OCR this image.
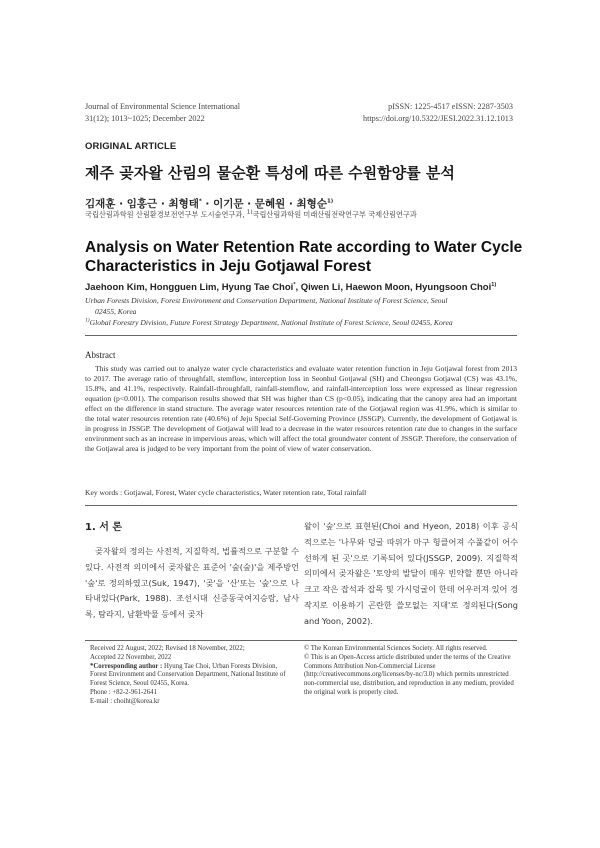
Journal of Environmental Science International
31(12); 1013~1025; December 2022
pISSN: 1225-4517 eISSN: 2287-3503
https://doi.org/10.5322/JESI.2022.31.12.1013
ORIGINAL ARTICLE
제주 곶자왈 산림의 물순환 특성에 따른 수원함양률 분석
김재훈 · 임홍근 · 최형태* · 이기문 · 문혜원 · 최형순$^{1)}$
국립산림과학원 산림환경보전연구부 도시숲연구과, $^{1)}$국립산림과학원 미래산림전략연구부 국제산림연구과
Analysis on Water Retention Rate according to Water Cycle Characteristics in Jeju Gotjawal Forest
Jaehoon Kim, Hongguen Lim, Hyung Tae Choi*, Qiwen Li, Haewon Moon, Hyungsoon Choi$^{1)}$
Urban Forests Division, Forest Environment and Conservation Department, National Institute of Forest Science, Seoul
02455, Korea
$^{1)}$Global Forestry Division, Future Forest Strategy Department, National Institute of Forest Science, Seoul 02455, Korea
Abstract
This study was carried out to analyze water cycle characteristics and evaluate water retention function in Jeju Gotjawal forest from 2013 to 2017. The average ratio of throughfall, stemflow, interception loss in Seonhul Gotjawal (SH) and Cheongsu Gotjawal (CS) was 43.1%, 15.8%, and 41.1%, respectively. Rainfall-throughfall, rainfall-stemflow, and rainfall-interception loss were expressed as linear regression equation (p<0.001). The comparison results showed that SH was higher than CS (p<0.05), indicating that the canopy area had an important effect on the difference in stand structure. The average water resources retention rate of the Gotjawal region was 41.9%, which is similar to the total water resources retention rate (40.6%) of Jeju Special Self-Governing Province (JSSGP). Currently, the development of Gotjawal is in progress in JSSGP. The development of Gotjawal will lead to a decrease in the water resources retention rate due to changes in the surface environment such as an increase in impervious areas, which will affect the total groundwater content of JSSGP. Therefore, the conservation of the Gotjawal area is judged to be very important from the point of view of water conservation.
Key words : Gotjawal, Forest, Water cycle characteristics, Water retention rate, Total rainfall
1. 서 론
곶자왈의 정의는 사전적, 지질학적, 법률적으로 구분할 수 있다. 사전적 의미에서 곶자왈은 표준어 '숲(숲)'을 제주방언 '숲'로 정의하였고(Suk, 1947), '곶'을 '산'또는 '숲'으로 나타내었다(Park, 1988). 조선시대 신증동국여지승람, 남사록, 탐라지, 남환박물 등에서 곶자
왈이 '숲'으로 표현된(Choi and Hyeon, 2018) 이후 공식적으로는 '나무와 덩굴 따위가 마구 헝클어져 수풀같이 어수선하게 된 곳'으로 기록되어 있다(JSSGP, 2009). 지질학적 의미에서 곶자왈은 '토양의 발달이 매우 빈약할 뿐만 아니라 크고 작은 잡석과 잡목 및 가시덩굴이 한데 어우러져 있어 경작지로 이용하기 곤란한 쓸모없는 지대'로 정의된다(Song and Yoon, 2002).
Received 22 August, 2022; Revised 18 November, 2022;
Accepted 22 November, 2022
*Corresponding author : Hyung Tae Choi, Urban Forests Division, Forest Environment and Conservation Department, National Institute of Forest Science, Seoul 02455, Korea.
Phone : +82-2-961-2641
E-mail : choiht@korea.kr
© The Korean Environmental Sciences Society. All rights reserved.
© This is an Open-Access article distributed under the terms of the Creative Commons Attribution Non-Commercial License (http://creativecommons.org/licenses/by-nc/3.0) which permits unrestricted non-commercial use, distribution, and reproduction in any medium, provided the original work is properly cited.
